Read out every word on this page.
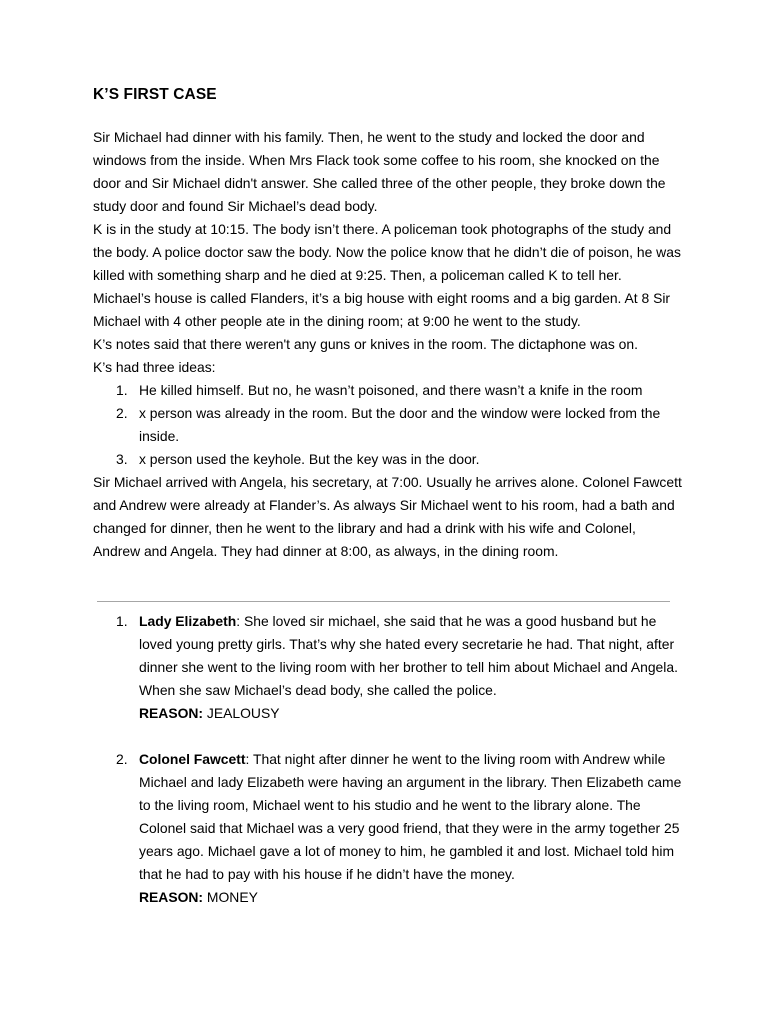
K’S FIRST CASE

Sir Michael had dinner with his family. Then, he went to the study and locked the door and windows from the inside. When Mrs Flack took some coffee to his room, she knocked on the door and Sir Michael didn't answer. She called three of the other people, they broke down the study door and found Sir Michael’s dead body.

K is in the study at 10:15. The body isn’t there. A policeman took photographs of the study and the body. A police doctor saw the body. Now the police know that he didn’t die of poison, he was killed with something sharp and he died at 9:25. Then, a policeman called K to tell her.

Michael’s house is called Flanders, it’s a big house with eight rooms and a big garden. At 8 Sir Michael with 4 other people ate in the dining room; at 9:00 he went to the study.

K’s notes said that there weren't any guns or knives in the room. The dictaphone was on.

K’s had three ideas:

1. He killed himself. But no, he wasn’t poisoned, and there wasn’t a knife in the room
2. x person was already in the room. But the door and the window were locked from the inside.
3. x person used the keyhole. But the key was in the door.

Sir Michael arrived with Angela, his secretary, at 7:00. Usually he arrives alone. Colonel Fawcett and Andrew were already at Flander’s. As always Sir Michael went to his room, had a bath and changed for dinner, then he went to the library and had a drink with his wife and Colonel, Andrew and Angela. They had dinner at 8:00, as always, in the dining room.

1. Lady Elizabeth: She loved sir michael, she said that he was a good husband but he loved young pretty girls. That’s why she hated every secretarie he had. That night, after dinner she went to the living room with her brother to tell him about Michael and Angela. When she saw Michael’s dead body, she called the police.
REASON: JEALOUSY
2. Colonel Fawcett: That night after dinner he went to the living room with Andrew while Michael and lady Elizabeth were having an argument in the library. Then Elizabeth came to the living room, Michael went to his studio and he went to the library alone. The Colonel said that Michael was a very good friend, that they were in the army together 25 years ago. Michael gave a lot of money to him, he gambled it and lost. Michael told him that he had to pay with his house if he didn’t have the money.
REASON: MONEY
